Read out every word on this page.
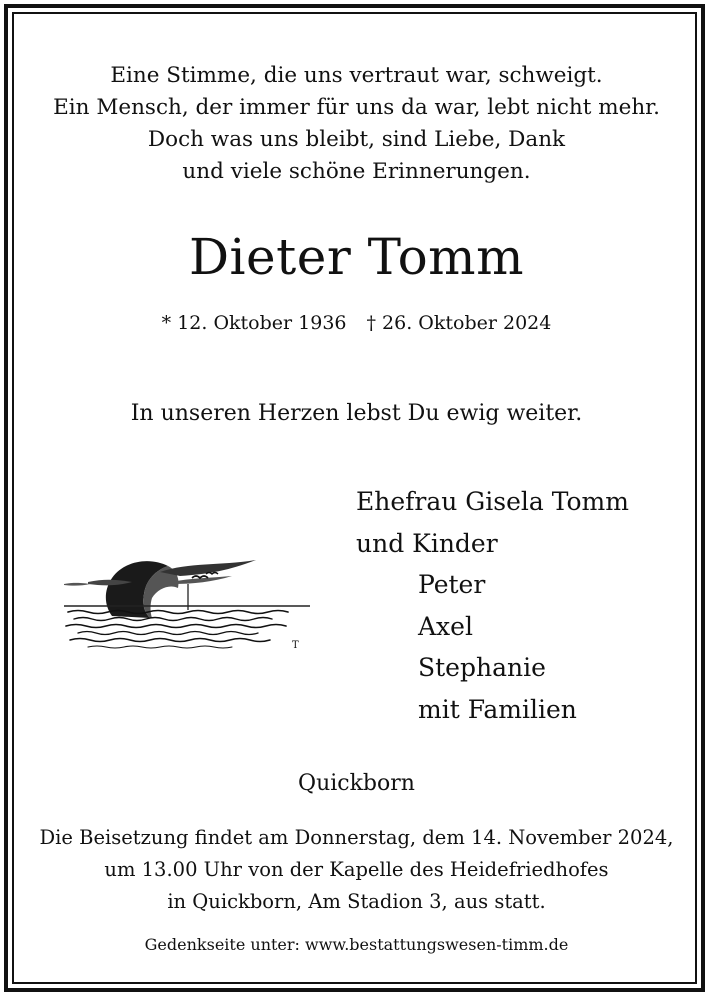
Eine Stimme, die uns vertraut war, schweigt.
Ein Mensch, der immer für uns da war, lebt nicht mehr.
Doch was uns bleibt, sind Liebe, Dank
und viele schöne Erinnerungen.
Dieter Tomm
* 12. Oktober 1936 † 26. Oktober 2024
In unseren Herzen lebst Du ewig weiter.
T
Ehefrau Gisela Tomm
und Kinder
Peter
Axel
Stephanie
mit Familien
Quickborn
Die Beisetzung findet am Donnerstag, dem 14. November 2024,
um 13.00 Uhr von der Kapelle des Heidefriedhofes
in Quickborn, Am Stadion 3, aus statt.
Gedenkseite unter: www.bestattungswesen-timm.de
